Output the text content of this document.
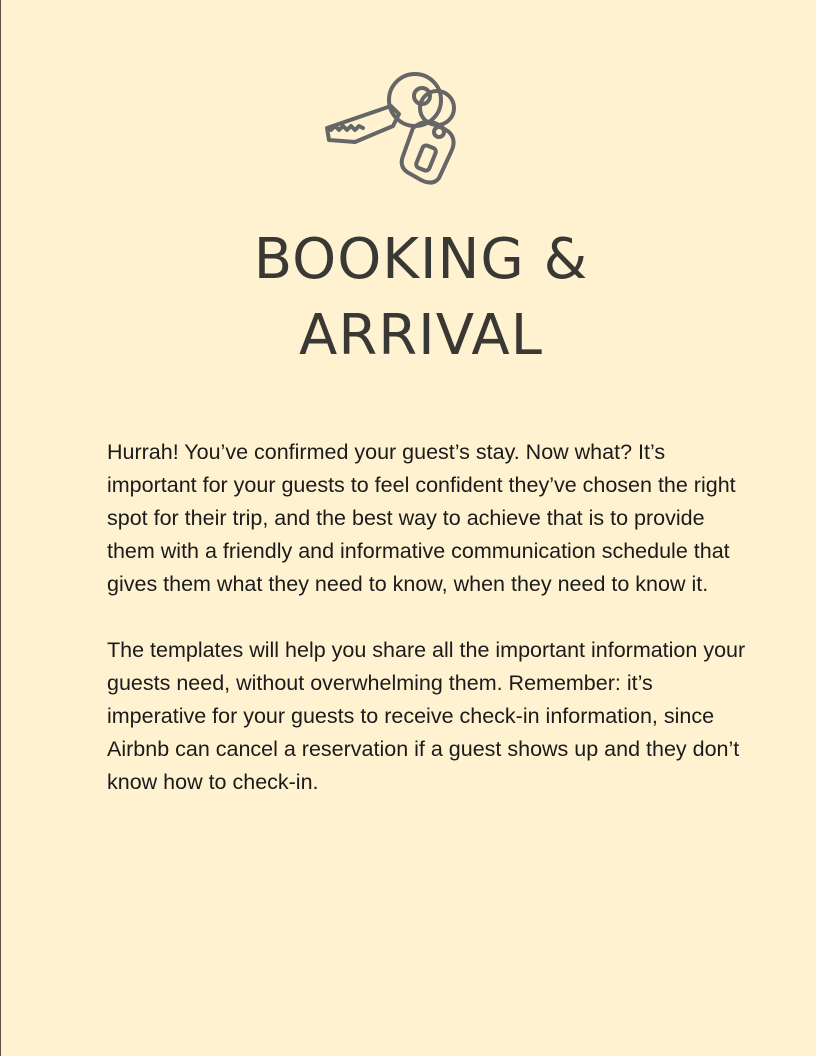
BOOKING &
ARRIVAL

Hurrah! You’ve confirmed your guest’s stay. Now what? It’s important for your guests to feel confident they’ve chosen the right spot for their trip, and the best way to achieve that is to provide them with a friendly and informative communication schedule that gives them what they need to know, when they need to know it.

The templates will help you share all the important information your guests need, without overwhelming them. Remember: it’s imperative for your guests to receive check-in information, since Airbnb can cancel a reservation if a guest shows up and they don’t know how to check-in.
